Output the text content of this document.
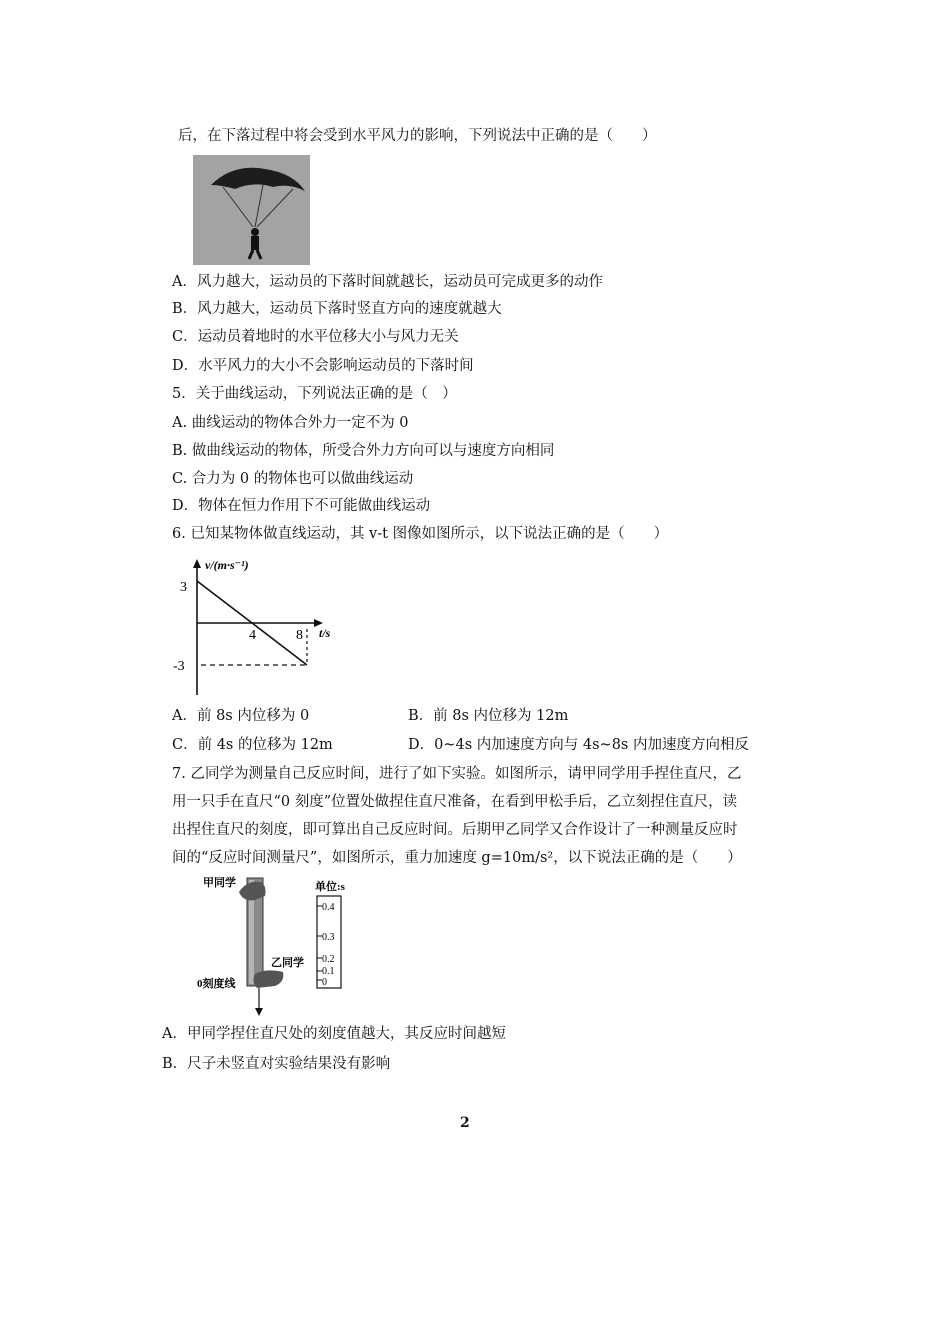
后，在下落过程中将会受到水平风力的影响，下列说法中正确的是（　　）
A．风力越大，运动员的下落时间就越长，运动员可完成更多的动作
B．风力越大，运动员下落时竖直方向的速度就越大
C．运动员着地时的水平位移大小与风力无关
D．水平风力的大小不会影响运动员的下落时间
5．关于曲线运动，下列说法正确的是（　）
A. 曲线运动的物体合外力一定不为 0
B. 做曲线运动的物体，所受合外力方向可以与速度方向相同
C. 合力为 0 的物体也可以做曲线运动
D．物体在恒力作用下不可能做曲线运动
6. 已知某物体做直线运动，其 v-t 图像如图所示，以下说法正确的是（　　）
v/(m·s⁻¹)
t/s
3
-3
4	8
A．前 8s 内位移为 0	B．前 8s 内位移为 12m
C．前 4s 的位移为 12m	D．0~4s 内加速度方向与 4s~8s 内加速度方向相反
7. 乙同学为测量自己反应时间，进行了如下实验。如图所示，请甲同学用手捏住直尺，乙
用一只手在直尺“0 刻度”位置处做捏住直尺准备，在看到甲松手后，乙立刻捏住直尺，读
出捏住直尺的刻度，即可算出自己反应时间。后期甲乙同学又合作设计了一种测量反应时
间的“反应时间测量尺”，如图所示，重力加速度 g=10m/s²，以下说法正确的是（　　）
甲同学
乙同学
0刻度线
单位:s
0.4
0.3
0.2
0.1
0
A．甲同学捏住直尺处的刻度值越大，其反应时间越短
B．尺子未竖直对实验结果没有影响
2
